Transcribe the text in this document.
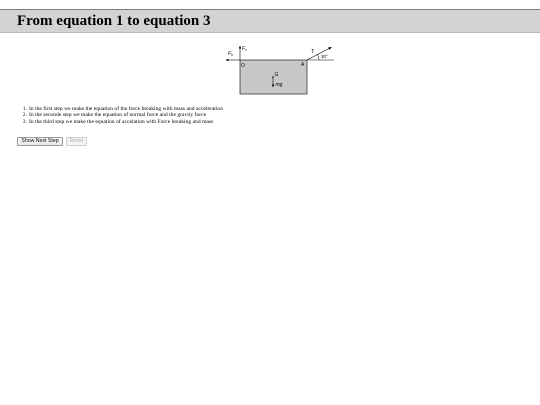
From equation 1 to equation 3
$F_h$
$F_v$
O	A
G
mg
T
30°
1. In the first step we make the equation of the force breaking with mass and acceleration
2. In the seconde step we make the equation of normal force and the gravity force
3. In the third step we make the equation of accelation with Force breaking and mass
Show Next Step	Reset
